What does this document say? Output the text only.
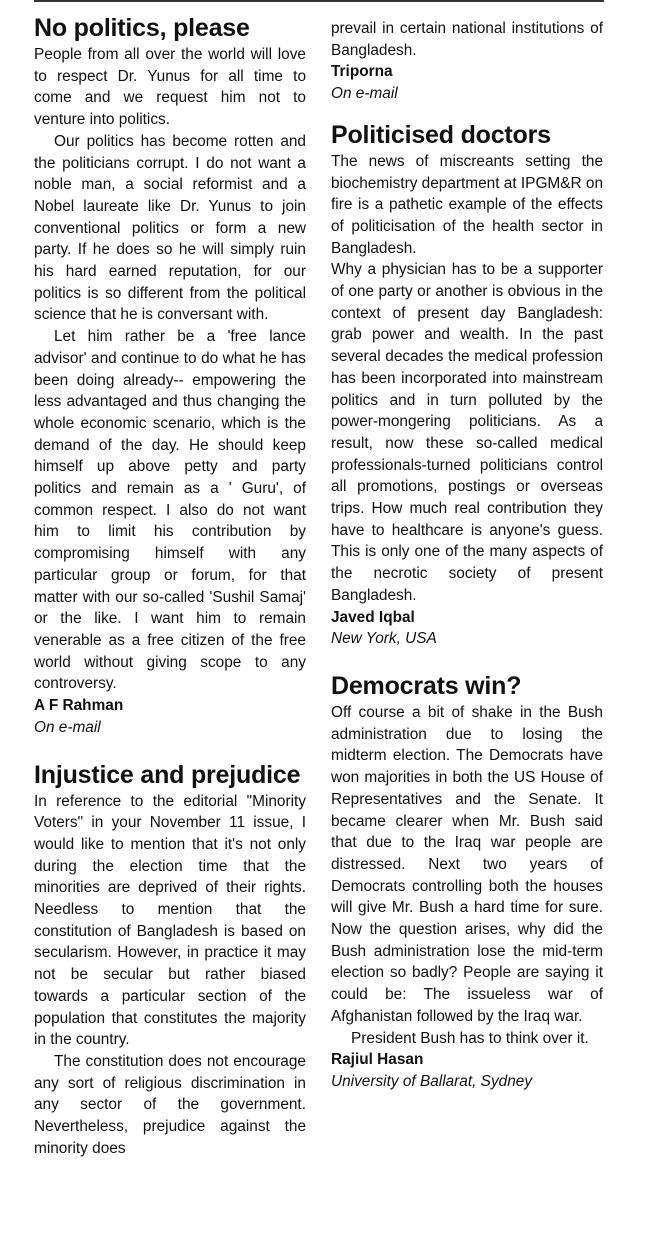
No politics, please

People from all over the world will love to respect Dr. Yunus for all time to come and we request him not to venture into politics.

Our politics has become rotten and the politicians corrupt. I do not want a noble man, a social reformist and a Nobel laureate like Dr. Yunus to join conventional politics or form a new party. If he does so he will simply ruin his hard earned reputation, for our politics is so different from the political science that he is conversant with.

Let him rather be a 'free lance advisor' and continue to do what he has been doing already-- empowering the less advantaged and thus changing the whole economic scenario, which is the demand of the day. He should keep himself up above petty and party politics and remain as a ' Guru', of common respect. I also do not want him to limit his contribution by compromising himself with any particular group or forum, for that matter with our so-called 'Sushil Samaj' or the like. I want him to remain venerable as a free citizen of the free world without giving scope to any controversy.

A F Rahman
On e-mail
Injustice and prejudice

In reference to the editorial "Minority Voters" in your November 11 issue, I would like to mention that it's not only during the election time that the minorities are deprived of their rights. Needless to mention that the constitution of Bangladesh is based on secularism. However, in practice it may not be secular but rather biased towards a particular section of the population that constitutes the majority in the country.

The constitution does not encourage any sort of religious discrimination in any sector of the government. Nevertheless, prejudice against the minority does

prevail in certain national institutions of Bangladesh.

Triporna
On e-mail
Politicised doctors

The news of miscreants setting the biochemistry department at IPGM&R on fire is a pathetic example of the effects of politicisation of the health sector in Bangladesh.

Why a physician has to be a supporter of one party or another is obvious in the context of present day Bangladesh: grab power and wealth. In the past several decades the medical profession has been incorporated into mainstream politics and in turn polluted by the power-mongering politicians. As a result, now these so-called medical professionals-turned politicians control all promotions, postings or overseas trips. How much real contribution they have to healthcare is anyone's guess. This is only one of the many aspects of the necrotic society of present Bangladesh.

Javed Iqbal
New York, USA
Democrats win?

Off course a bit of shake in the Bush administration due to losing the midterm election. The Democrats have won majorities in both the US House of Representatives and the Senate. It became clearer when Mr. Bush said that due to the Iraq war people are distressed. Next two years of Democrats controlling both the houses will give Mr. Bush a hard time for sure. Now the question arises, why did the Bush administration lose the mid-term election so badly? People are saying it could be: The issueless war of Afghanistan followed by the Iraq war.

President Bush has to think over it.

Rajiul Hasan
University of Ballarat, Sydney
